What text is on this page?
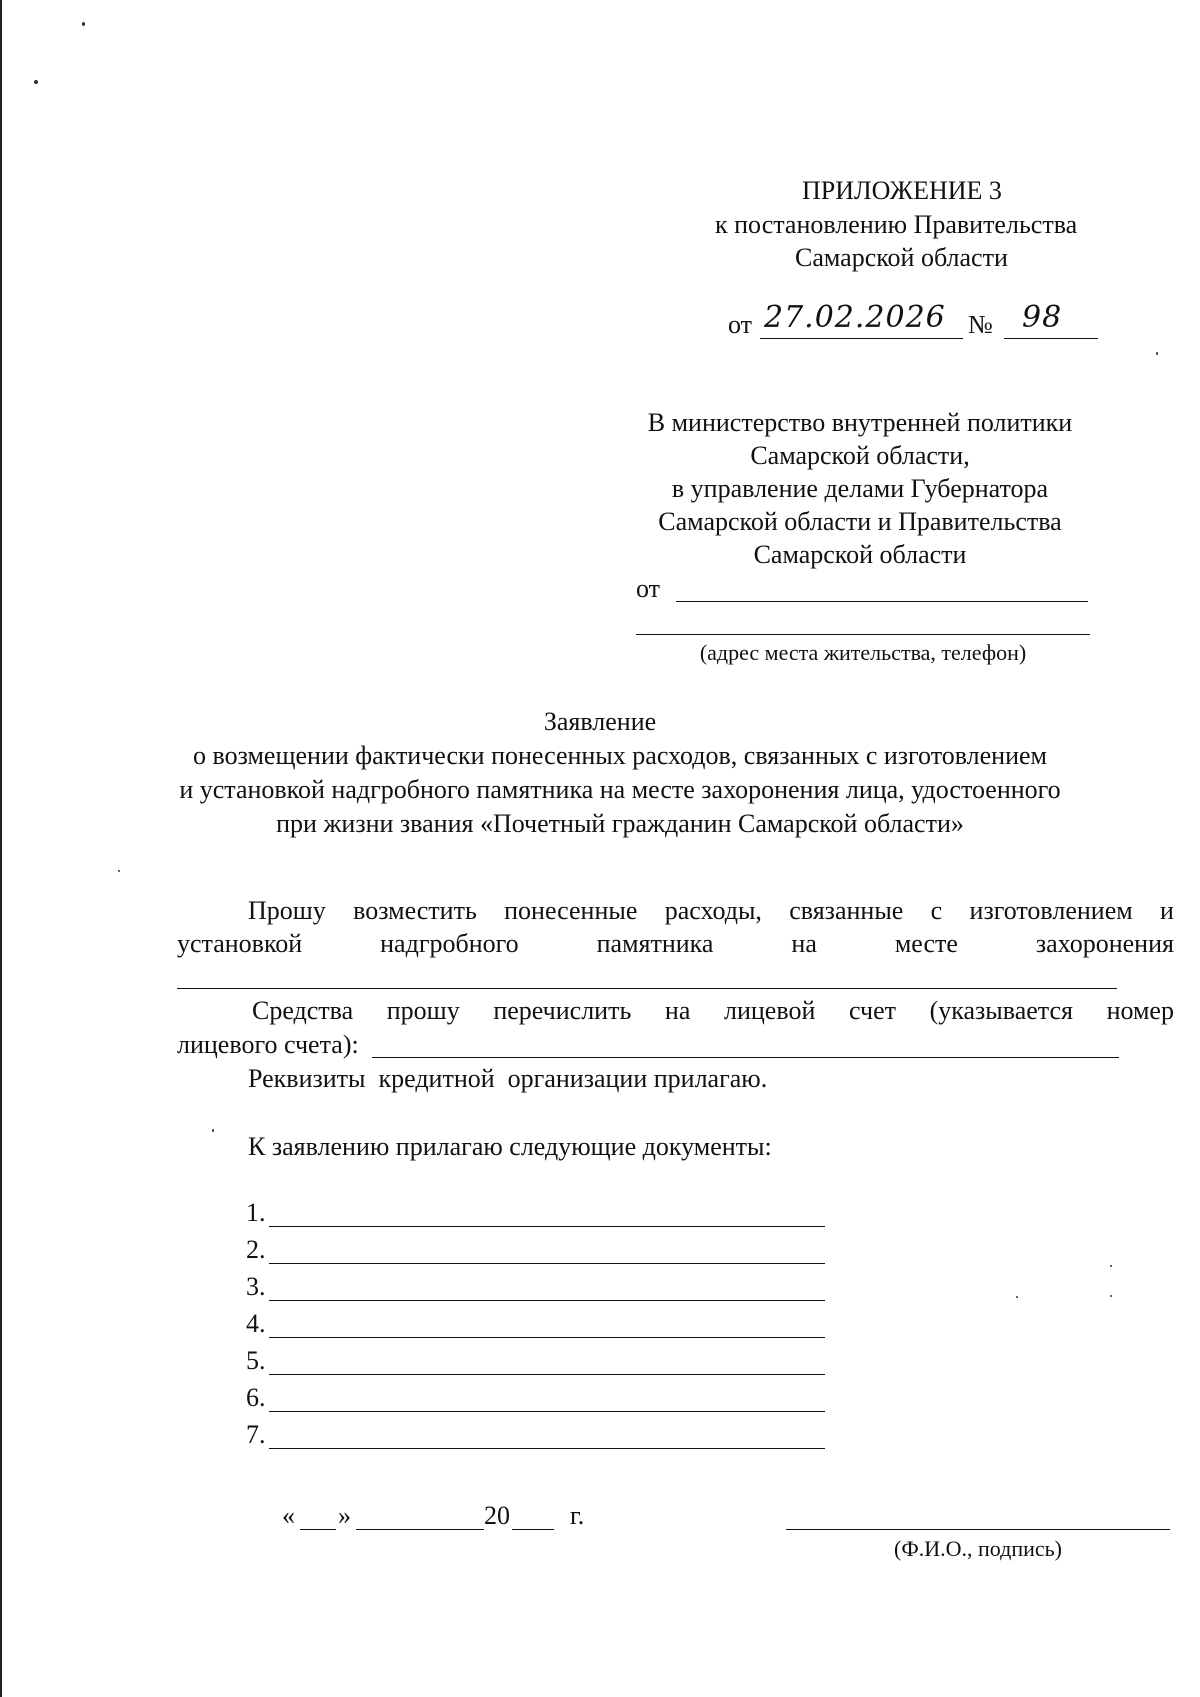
ПРИЛОЖЕНИЕ 3
к постановлению Правительства
Самарской области
от 27.02.2026 № 98
В министерство внутренней политики
Самарской области,
в управление делами Губернатора
Самарской области и Правительства
Самарской области
от
(адрес места жительства, телефон)
Заявление
о возмещении фактически понесенных расходов, связанных с изготовлением
и установкой надгробного памятника на месте захоронения лица, удостоенного
при жизни звания «Почетный гражданин Самарской области»
Прошу возместить понесенные расходы, связанные с изготовлением и
установкой	надгробного	памятника	на	месте	захоронения
Средства прошу перечислить на лицевой счет (указывается номер
лицевого счета):
Реквизиты  кредитной  организации прилагаю.
К заявлению прилагаю следующие документы:
1.
2.
3.
4.
5.
6.
7.
« »	20 г.
(Ф.И.О., подпись)
